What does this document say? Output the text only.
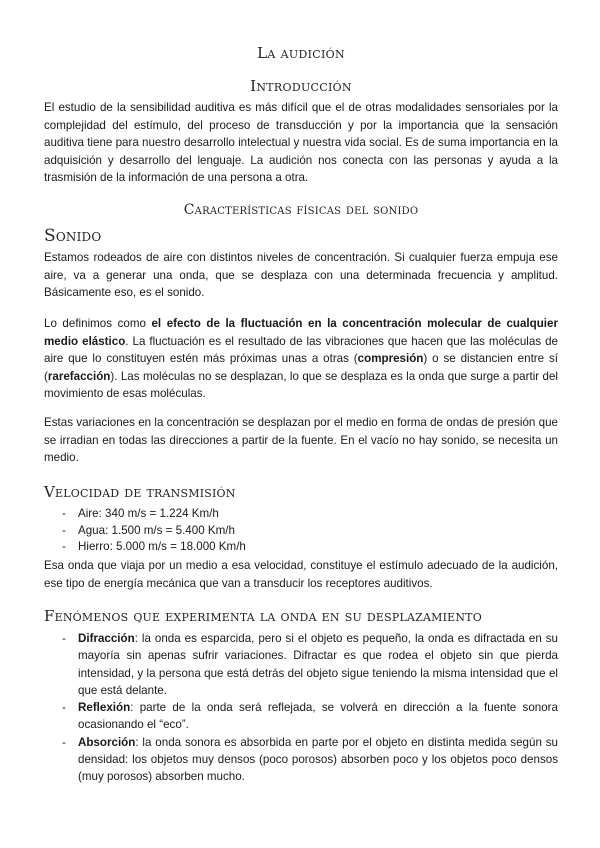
La audición
Introducción

El estudio de la sensibilidad auditiva es más difícil que el de otras modalidades sensoriales por la complejidad del estímulo, del proceso de transducción y por la importancia que la sensación auditiva tiene para nuestro desarrollo intelectual y nuestra vida social. Es de suma importancia en la adquisición y desarrollo del lenguaje. La audición nos conecta con las personas y ayuda a la trasmisión de la información de una persona a otra.

Características físicas del sonido
Sonido

Estamos rodeados de aire con distintos niveles de concentración. Si cualquier fuerza empuja ese aire, va a generar una onda, que se desplaza con una determinada frecuencia y amplitud. Básicamente eso, es el sonido.

Lo definimos como el efecto de la fluctuación en la concentración molecular de cualquier medio elástico. La fluctuación es el resultado de las vibraciones que hacen que las moléculas de aire que lo constituyen estén más próximas unas a otras (compresión) o se distancien entre sí (rarefacción). Las moléculas no se desplazan, lo que se desplaza es la onda que surge a partir del movimiento de esas moléculas.

Estas variaciones en la concentración se desplazan por el medio en forma de ondas de presión que se irradian en todas las direcciones a partir de la fuente. En el vacío no hay sonido, se necesita un medio.

Velocidad de transmisión
- Aire: 340 m/s = 1.224 Km/h
- Agua: 1.500 m/s = 5.400 Km/h
- Hierro: 5.000 m/s = 18.000 Km/h

Esa onda que viaja por un medio a esa velocidad, constituye el estímulo adecuado de la audición, ese tipo de energía mecánica que van a transducir los receptores auditivos.

Fenómenos que experimenta la onda en su desplazamiento
- Difracción: la onda es esparcida, pero si el objeto es pequeño, la onda es difractada en su mayoría sin apenas sufrir variaciones. Difractar es que rodea el objeto sin que pierda intensidad, y la persona que está detrás del objeto sigue teniendo la misma intensidad que el que está delante.
- Reflexión: parte de la onda será reflejada, se volverá en dirección a la fuente sonora ocasionando el “eco”.
- Absorción: la onda sonora es absorbida en parte por el objeto en distinta medida según su densidad: los objetos muy densos (poco porosos) absorben poco y los objetos poco densos (muy porosos) absorben mucho.
